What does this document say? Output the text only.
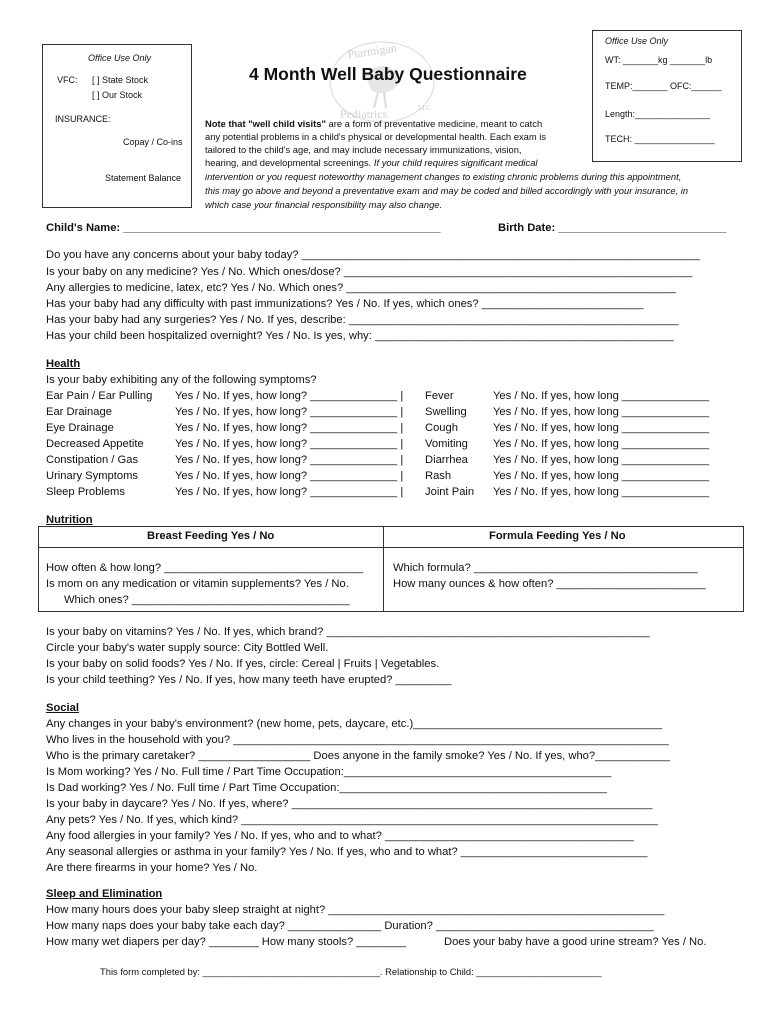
Office Use Only
VFC: [ ] State Stock
[ ] Our Stock
INSURANCE:
Copay / Co-ins
Statement Balance
Office Use Only
WT: _______kg _______lb
TEMP:_______ OFC:______
Length:_______________
TECH: ________________
Ptarmigan
Pediatrics	LLC
4 Month Well Baby Questionnaire
Note that "well child visits" are a form of preventative medicine, meant to catch
any potential problems in a child's physical or developmental health. Each exam is
tailored to the child's age, and may include necessary immunizations, vision,
hearing, and developmental screenings. If your child requires significant medical
intervention or you request noteworthy management changes to existing chronic problems during this appointment,
this may go above and beyond a preventative exam and may be coded and billed accordingly with your insurance, in
which case your financial responsibility may also change.
Child's Name: ___________________________________________________	Birth Date: ___________________________
Do you have any concerns about your baby today? ________________________________________________________________
Is your baby on any medicine? Yes / No. Which ones/dose? ________________________________________________________
Any allergies to medicine, latex, etc? Yes / No. Which ones? _____________________________________________________
Has your baby had any difficulty with past immunizations? Yes / No. If yes, which ones? __________________________
Has your baby had any surgeries? Yes / No. If yes, describe: _____________________________________________________
Has your child been hospitalized overnight? Yes / No. Is yes, why: ________________________________________________
Health
Is your baby exhibiting any of the following symptoms?
Ear Pain / Ear Pulling Yes / No. If yes, how long? ______________ | Fever	Yes / No. If yes, how long ______________
Ear Drainage	Yes / No. If yes, how long? ______________ | Swelling Yes / No. If yes, how long ______________
Eye Drainage	Yes / No. If yes, how long? ______________ | Cough	Yes / No. If yes, how long ______________
Decreased Appetite	Yes / No. If yes, how long? ______________ | Vomiting Yes / No. If yes, how long ______________
Constipation / Gas	Yes / No. If yes, how long? ______________ | Diarrhea Yes / No. If yes, how long ______________
Urinary Symptoms	Yes / No. If yes, how long? ______________ | Rash	Yes / No. If yes, how long ______________
Sleep Problems	Yes / No. If yes, how long? ______________ | Joint Pain Yes / No. If yes, how long ______________
Nutrition
Breast Feeding Yes / No	Formula Feeding Yes / No
How often & how long? ________________________________
Is mom on any medication or vitamin supplements? Yes / No.
Which ones? ___________________________________
Which formula? ____________________________________
How many ounces & how often? ________________________
Is your baby on vitamins? Yes / No. If yes, which brand? ____________________________________________________
Circle your baby's water supply source: City Bottled Well.
Is your baby on solid foods? Yes / No. If yes, circle: Cereal | Fruits | Vegetables.
Is your child teething? Yes / No. If yes, how many teeth have erupted? _________
Social
Any changes in your baby's environment? (new home, pets, daycare, etc.)________________________________________
Who lives in the household with you? ______________________________________________________________________
Who is the primary caretaker? __________________ Does anyone in the family smoke? Yes / No. If yes, who?____________
Is Mom working? Yes / No. Full time / Part Time Occupation:___________________________________________
Is Dad working? Yes / No. Full time / Part Time Occupation:___________________________________________
Is your baby in daycare? Yes / No. If yes, where? __________________________________________________________
Any pets? Yes / No. If yes, which kind? ___________________________________________________________________
Any food allergies in your family? Yes / No. If yes, who and to what? ________________________________________
Any seasonal allergies or asthma in your family? Yes / No. If yes, who and to what? ______________________________
Are there firearms in your home? Yes / No.
Sleep and Elimination
How many hours does your baby sleep straight at night? ______________________________________________________
How many naps does your baby take each day? _______________ Duration? ___________________________________
How many wet diapers per day? ________ How many stools? ________	Does your baby have a good urine stream? Yes / No.
This form completed by: __________________________________. Relationship to Child: ________________________
